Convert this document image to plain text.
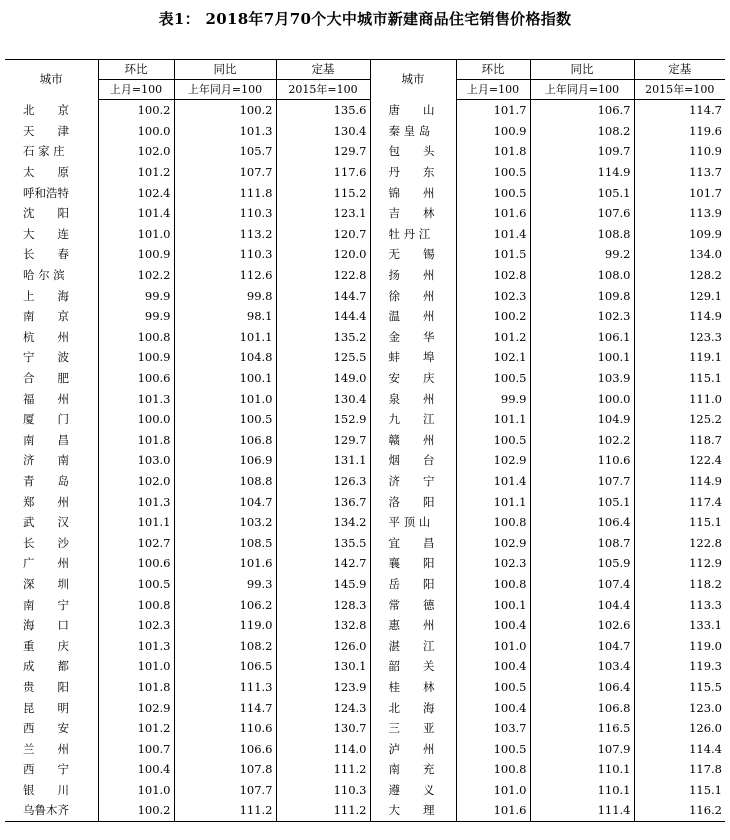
表1： 2018年7月70个大中城市新建商品住宅销售价格指数
城市	环比	同比	定基	城市	环比	同比	定基
	上月=100	上年同月=100	2015年=100		上月=100	上年同月=100	2015年=100
北　　京	100.2	100.2	135.6	唐　　山	101.7	106.7	114.7
天　　津	100.0	101.3	130.4	秦 皇 岛	100.9	108.2	119.6
石 家 庄	102.0	105.7	129.7	包　　头	101.8	109.7	110.9
太　　原	101.2	107.7	117.6	丹　　东	100.5	114.9	113.7
呼和浩特	102.4	111.8	115.2	锦　　州	100.5	105.1	101.7
沈　　阳	101.4	110.3	123.1	吉　　林	101.6	107.6	113.9
大　　连	101.0	113.2	120.7	牡 丹 江	101.4	108.8	109.9
长　　春	100.9	110.3	120.0	无　　锡	101.5	99.2	134.0
哈 尔 滨	102.2	112.6	122.8	扬　　州	102.8	108.0	128.2
上　　海	99.9	99.8	144.7	徐　　州	102.3	109.8	129.1
南　　京	99.9	98.1	144.4	温　　州	100.2	102.3	114.9
杭　　州	100.8	101.1	135.2	金　　华	101.2	106.1	123.3
宁　　波	100.9	104.8	125.5	蚌　　埠	102.1	100.1	119.1
合　　肥	100.6	100.1	149.0	安　　庆	100.5	103.9	115.1
福　　州	101.3	101.0	130.4	泉　　州	99.9	100.0	111.0
厦　　门	100.0	100.5	152.9	九　　江	101.1	104.9	125.2
南　　昌	101.8	106.8	129.7	赣　　州	100.5	102.2	118.7
济　　南	103.0	106.9	131.1	烟　　台	102.9	110.6	122.4
青　　岛	102.0	108.8	126.3	济　　宁	101.4	107.7	114.9
郑　　州	101.3	104.7	136.7	洛　　阳	101.1	105.1	117.4
武　　汉	101.1	103.2	134.2	平 顶 山	100.8	106.4	115.1
长　　沙	102.7	108.5	135.5	宜　　昌	102.9	108.7	122.8
广　　州	100.6	101.6	142.7	襄　　阳	102.3	105.9	112.9
深　　圳	100.5	99.3	145.9	岳　　阳	100.8	107.4	118.2
南　　宁	100.8	106.2	128.3	常　　德	100.1	104.4	113.3
海　　口	102.3	119.0	132.8	惠　　州	100.4	102.6	133.1
重　　庆	101.3	108.2	126.0	湛　　江	101.0	104.7	119.0
成　　都	101.0	106.5	130.1	韶　　关	100.4	103.4	119.3
贵　　阳	101.8	111.3	123.9	桂　　林	100.5	106.4	115.5
昆　　明	102.9	114.7	124.3	北　　海	100.4	106.8	123.0
西　　安	101.2	110.6	130.7	三　　亚	103.7	116.5	126.0
兰　　州	100.7	106.6	114.0	泸　　州	100.5	107.9	114.4
西　　宁	100.4	107.8	111.2	南　　充	100.8	110.1	117.8
银　　川	101.0	107.7	110.3	遵　　义	101.0	110.1	115.1
乌鲁木齐	100.2	111.2	111.2	大　　理	101.6	111.4	116.2
